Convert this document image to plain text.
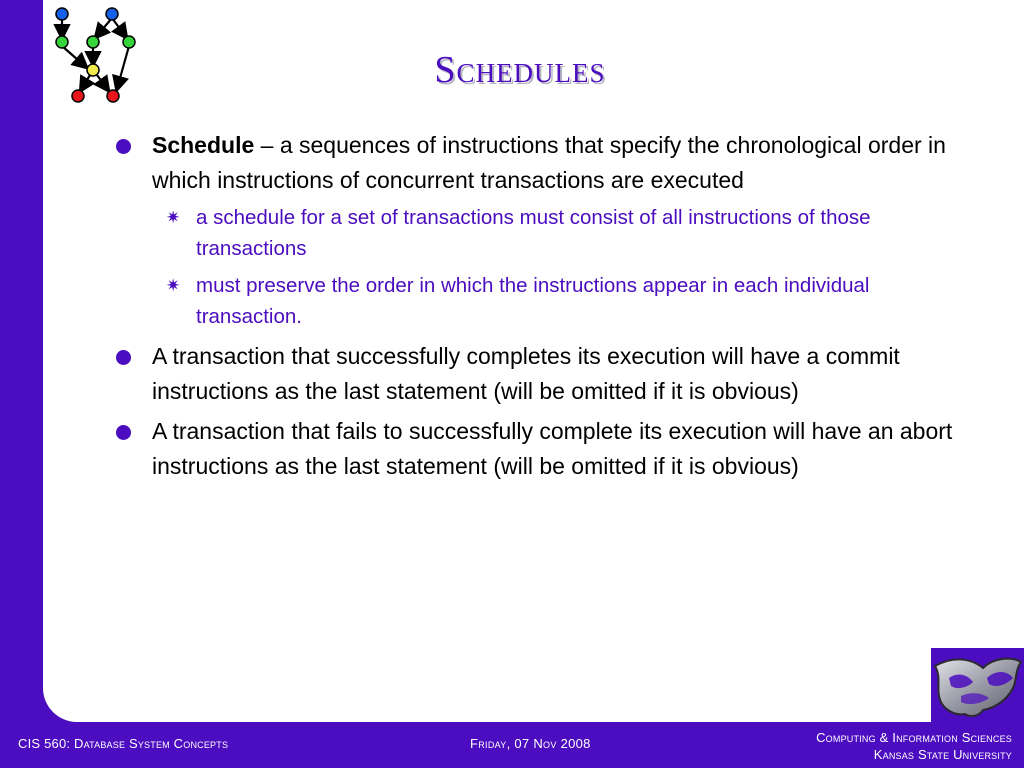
Schedules
Schedule – a sequences of instructions that specify the chronological order in which instructions of concurrent transactions are executed
✷ a schedule for a set of transactions must consist of all instructions of those transactions
✷ must preserve the order in which the instructions appear in each individual transaction.
A transaction that successfully completes its execution will have a commit instructions as the last statement (will be omitted if it is obvious)
A transaction that fails to successfully complete its execution will have an abort instructions as the last statement (will be omitted if it is obvious)
CIS 560: Database System Concepts	Friday, 07 Nov 2008	Computing & Information Sciences
Kansas State University
